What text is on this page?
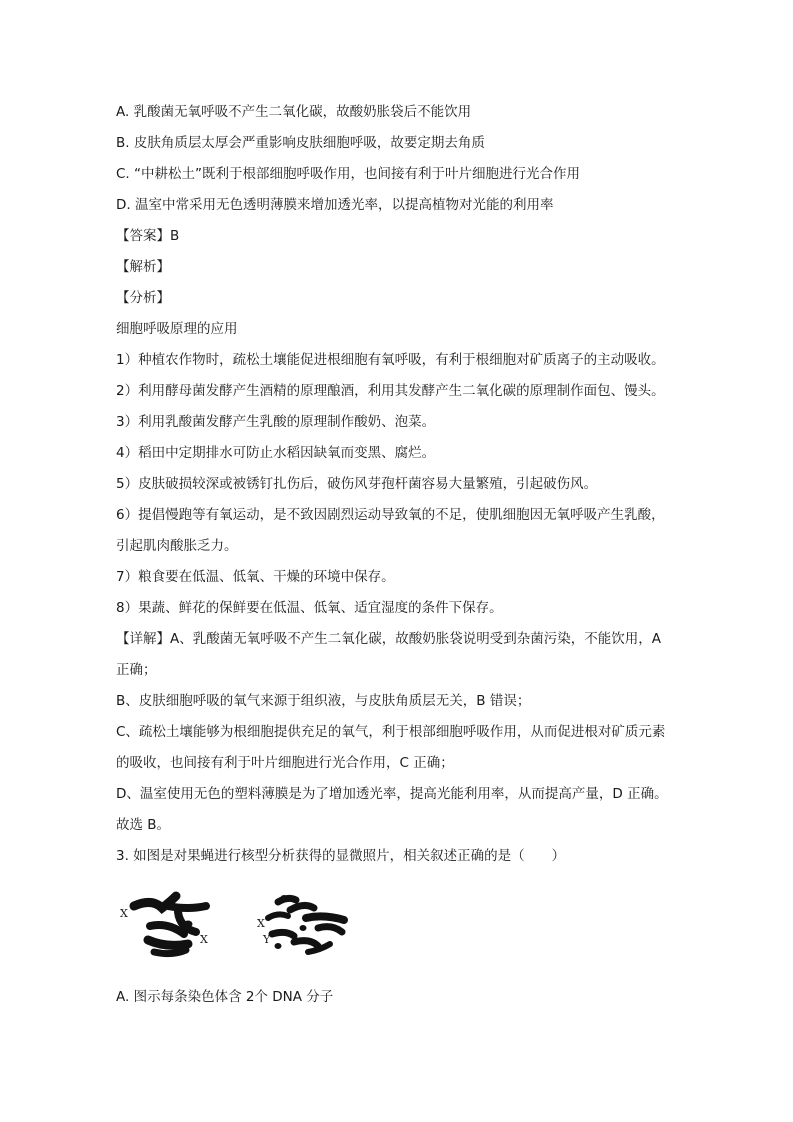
A. 乳酸菌无氧呼吸不产生二氧化碳，故酸奶胀袋后不能饮用
B. 皮肤角质层太厚会严重影响皮肤细胞呼吸，故要定期去角质
C. “中耕松土”既利于根部细胞呼吸作用，也间接有利于叶片细胞进行光合作用
D. 温室中常采用无色透明薄膜来增加透光率，以提高植物对光能的利用率
【答案】B
【解析】
【分析】
细胞呼吸原理的应用
1）种植农作物时，疏松土壤能促进根细胞有氧呼吸，有利于根细胞对矿质离子的主动吸收。
2）利用酵母菌发酵产生酒精的原理酿酒，利用其发酵产生二氧化碳的原理制作面包、馒头。
3）利用乳酸菌发酵产生乳酸的原理制作酸奶、泡菜。
4）稻田中定期排水可防止水稻因缺氧而变黑、腐烂。
5）皮肤破损较深或被锈钉扎伤后，破伤风芽孢杆菌容易大量繁殖，引起破伤风。
6）提倡慢跑等有氧运动，是不致因剧烈运动导致氧的不足，使肌细胞因无氧呼吸产生乳酸，
引起肌肉酸胀乏力。
7）粮食要在低温、低氧、干燥的环境中保存。
8）果蔬、鲜花的保鲜要在低温、低氧、适宜湿度的条件下保存。
【详解】A、乳酸菌无氧呼吸不产生二氧化碳，故酸奶胀袋说明受到杂菌污染，不能饮用，A
正确；
B、皮肤细胞呼吸的氧气来源于组织液，与皮肤角质层无关，B 错误；
C、疏松土壤能够为根细胞提供充足的氧气，利于根部细胞呼吸作用，从而促进根对矿质元素
的吸收，也间接有利于叶片细胞进行光合作用，C 正确；
D、温室使用无色的塑料薄膜是为了增加透光率，提高光能利用率，从而提高产量，D 正确。
故选 B。
3. 如图是对果蝇进行核型分析获得的显微照片，相关叙述正确的是（　　）
X
X
X
Y
A. 图示每条染色体含 2个 DNA 分子
